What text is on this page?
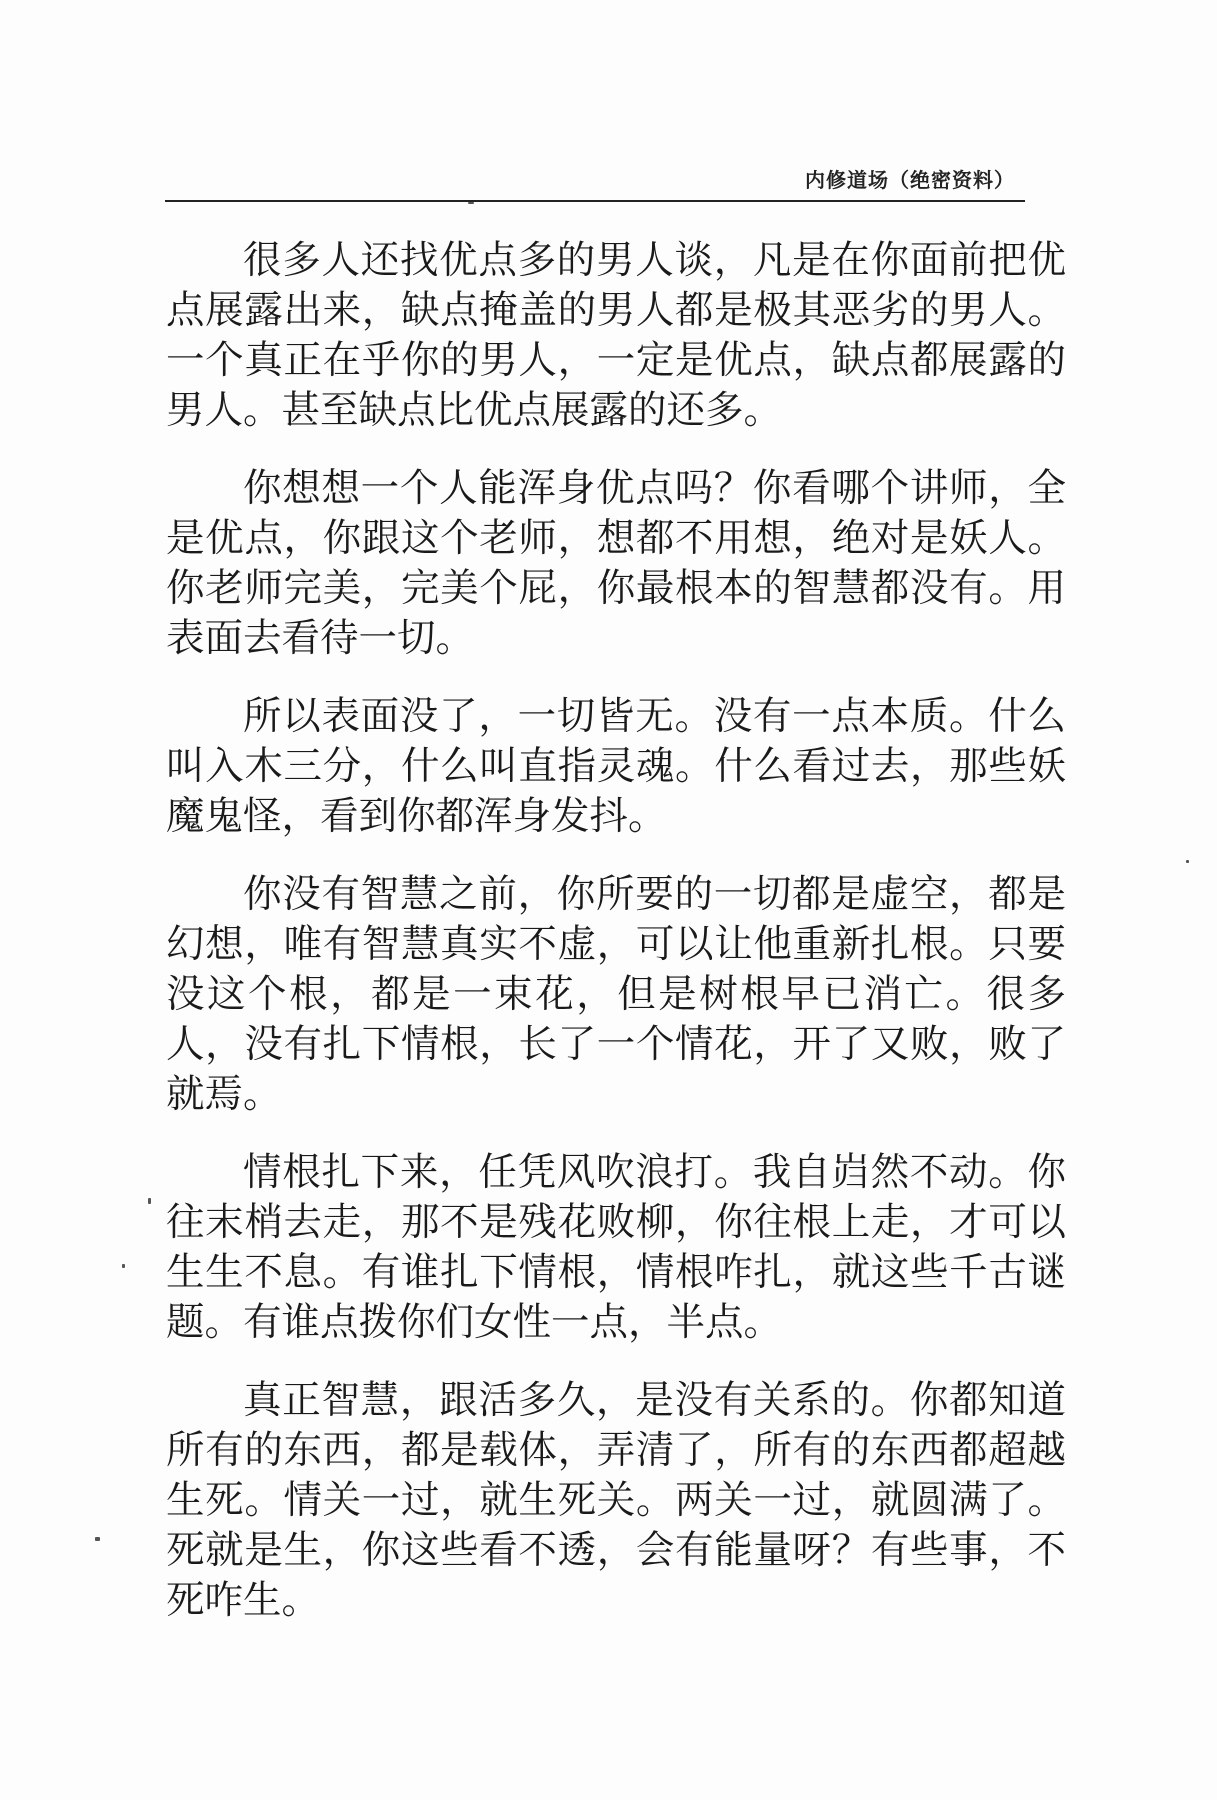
内修道场（绝密资料）

很多人还找优点多的男人谈，凡是在你面前把优点展露出来，缺点掩盖的男人都是极其恶劣的男人。一个真正在乎你的男人，一定是优点，缺点都展露的男人。甚至缺点比优点展露的还多。

你想想一个人能浑身优点吗？你看哪个讲师，全是优点，你跟这个老师，想都不用想，绝对是妖人。你老师完美，完美个屁，你最根本的智慧都没有。用表面去看待一切。

所以表面没了，一切皆无。没有一点本质。什么叫入木三分，什么叫直指灵魂。什么看过去，那些妖魔鬼怪，看到你都浑身发抖。

你没有智慧之前，你所要的一切都是虚空，都是幻想，唯有智慧真实不虚，可以让他重新扎根。只要没这个根，都是一束花，但是树根早已消亡。很多人，没有扎下情根，长了一个情花，开了又败，败了就焉。

情根扎下来，任凭风吹浪打。我自岿然不动。你往末梢去走，那不是残花败柳，你往根上走，才可以生生不息。有谁扎下情根，情根咋扎，就这些千古谜题。有谁点拨你们女性一点，半点。

真正智慧，跟活多久，是没有关系的。你都知道所有的东西，都是载体，弄清了，所有的东西都超越生死。情关一过，就生死关。两关一过，就圆满了。死就是生，你这些看不透，会有能量呀？有些事，不死咋生。
